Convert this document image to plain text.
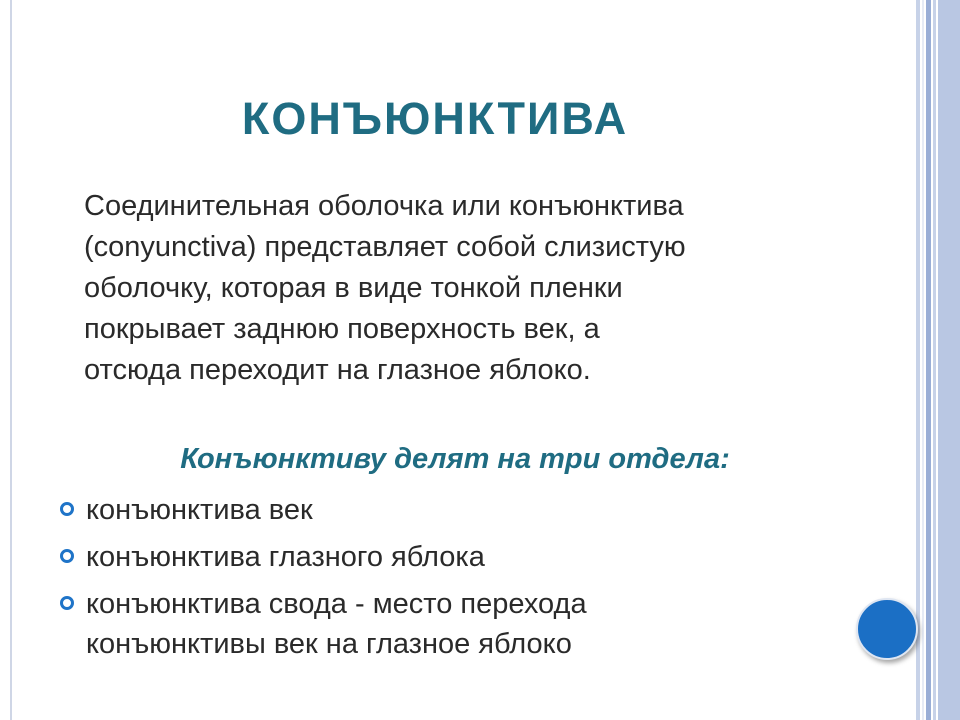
КОНЪЮНКТИВА
Соединительная оболочка или конъюнктива
(conyunctiva) представляет собой слизистую
оболочку, которая в виде тонкой пленки
покрывает заднюю поверхность век, а
отсюда переходит на глазное яблоко.
Конъюнктиву делят на три отдела:
конъюнктива век
конъюнктива глазного яблока
конъюнктива свода - место перехода
конъюнктивы век на глазное яблоко
